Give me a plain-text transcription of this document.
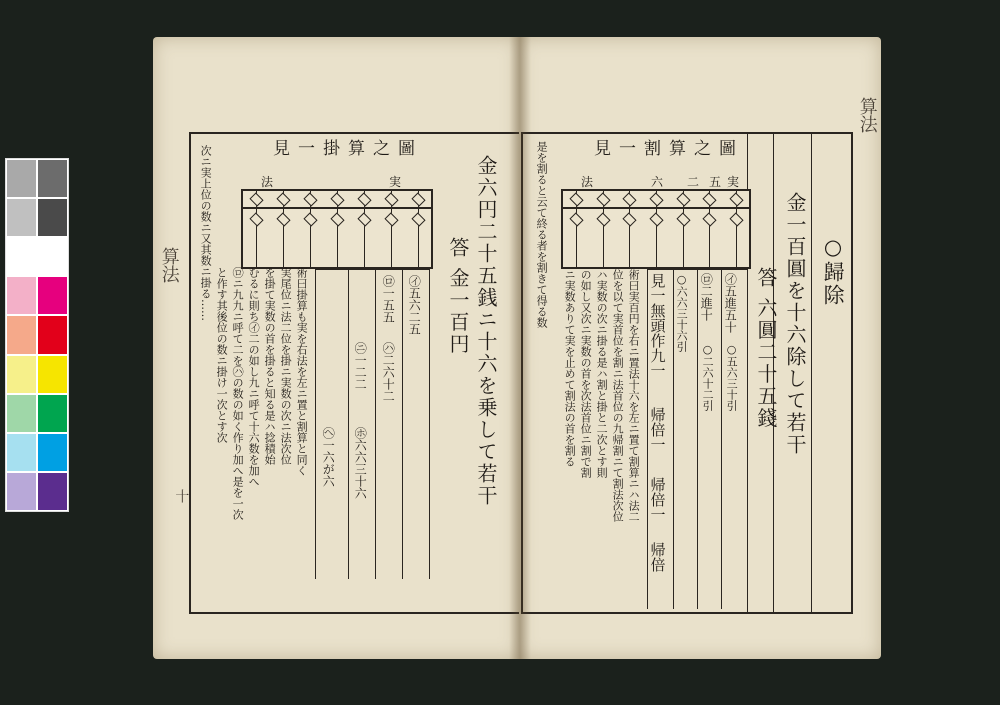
見一掛算之圖
法	実	金六円二十五銭ニ十六を乗して若干
答 金一百円
次ニ実上位の数ニ又其数ニ掛る……
と作す其後位の数ニ掛け一次とす次 ㋺ニ九九ニ呼て二を㋩の数の如く作り加へ是を一次 むるに則ち㋑二の如し九ニ呼て十六数を加へ を掛て実数の首を掛ると知る是ハ捻積始 実尾位ニ法二位を掛ニ実数の次ニ法次位 術曰掛算も実を右法を左ニ置と割算と同く	㋑五六二五
㋺一五五
㋩二六十二
㋥一二二
㋭六六三十六
㋬一六が六
算法
十
見一割算之圖
法	六 二 五 実
○歸除
金一百圓を十六除して若干
答 六圓二十五錢
㋑五進五十
㋺二進十
○五六三十引
○二六十二引
○六六三十六引
見一無頭作九一
帰倍一
帰倍一
帰倍
術曰実百円を右ニ置法十六を左ニ置て割算ニハ法二
位を以て実首位を割ニ法首位の九帰割ニて割法次位
ハ実数の次ニ掛る是ハ割と掛と二次とす則
の如し又次ニ実数の首を次法首位ニ割で割
ニ実数ありて実を止めて割法の首を割る
是を割ると云て終る者を割きて得る数
算法
